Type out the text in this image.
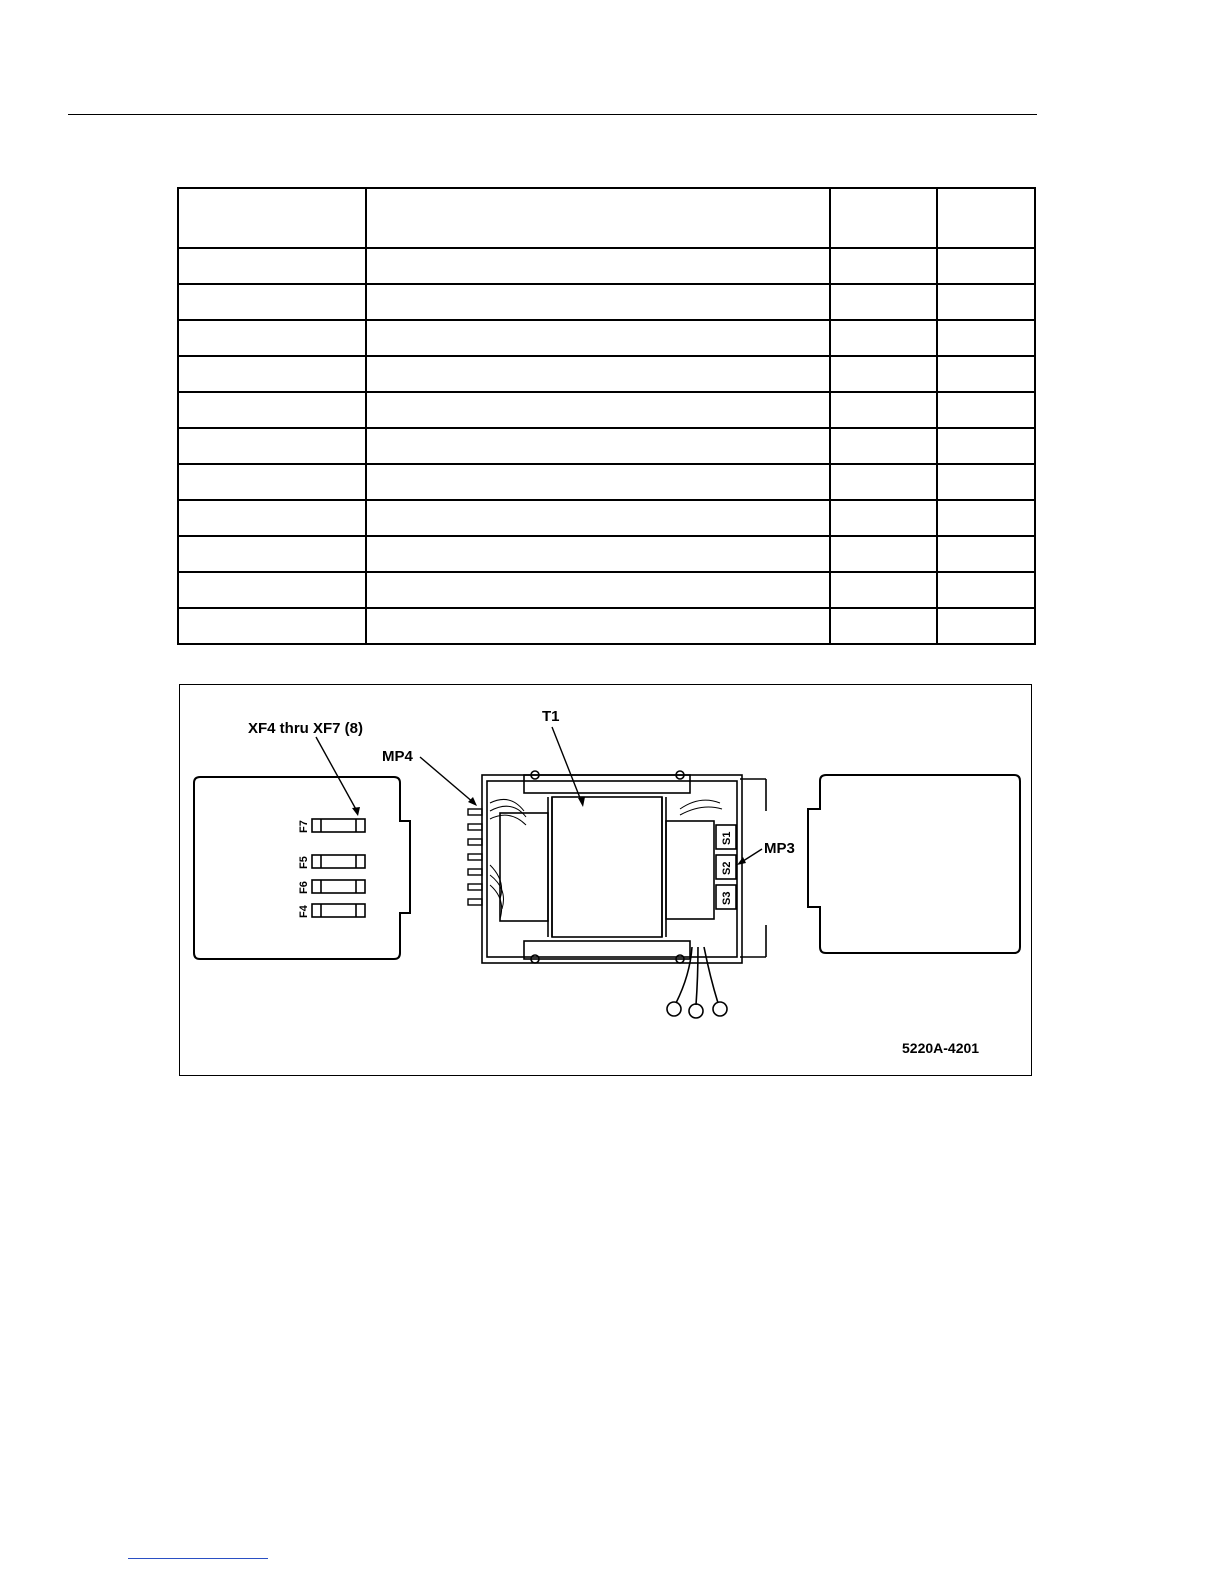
F7
F5
F6
F4
XF4 thru XF7 (8)
S1
S2
S3
T1
MP4
MP3
5220A-4201
